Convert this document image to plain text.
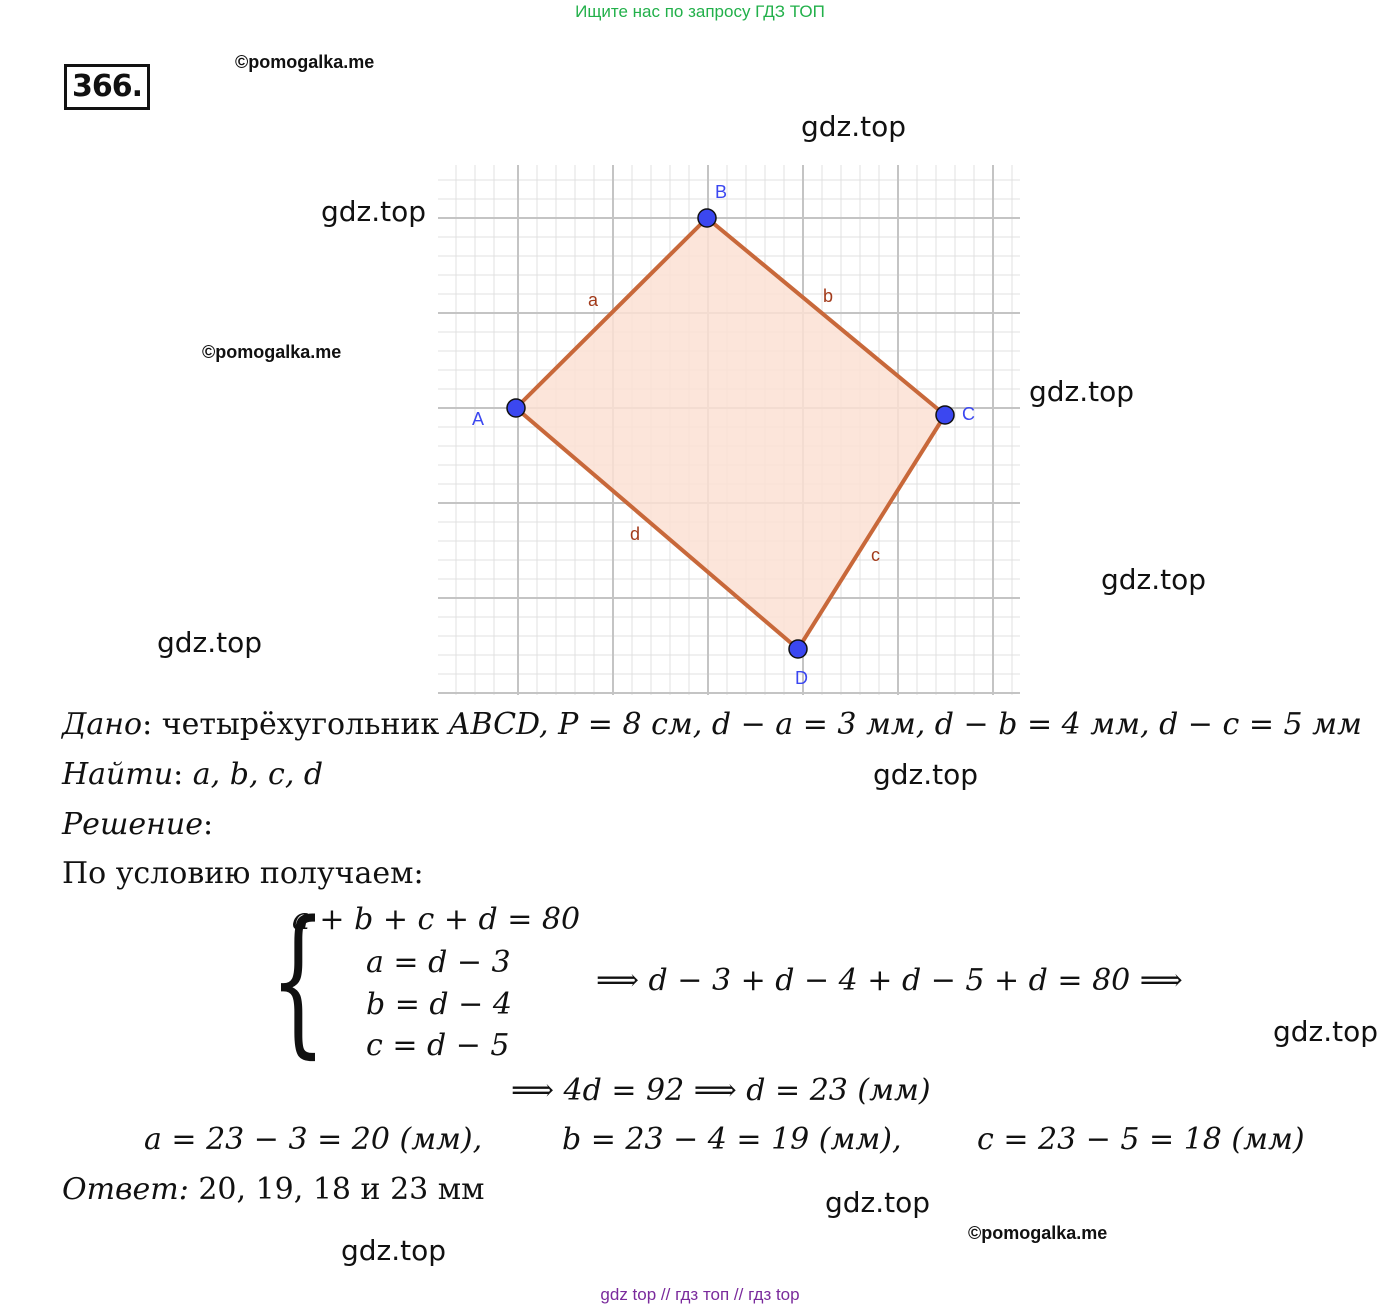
Ищите нас по запросу ГДЗ ТОП
366.
©pomogalka.me
©pomogalka.me
©pomogalka.me
gdz.top
gdz.top
gdz.top
gdz.top
gdz.top
gdz.top
gdz.top
gdz.top
gdz.top
A
B
C
D
a	b
c
d
Дано: четырёхугольник ABCD, P = 8 см, d − a = 3 мм, d − b = 4 мм, d − c = 5 мм
Найти: a, b, c, d
Решение:
По условию получаем:
{
a + b + c + d = 80
a = d − 3
b = d − 4
c = d − 5
⟹ d − 3 + d − 4 + d − 5 + d = 80 ⟹
⟹ 4d = 92 ⟹ d = 23 (мм)
a = 23 − 3 = 20 (мм),	b = 23 − 4 = 19 (мм),	c = 23 − 5 = 18 (мм)
Ответ: 20, 19, 18 и 23 мм
gdz top // гдз топ // гдз top
